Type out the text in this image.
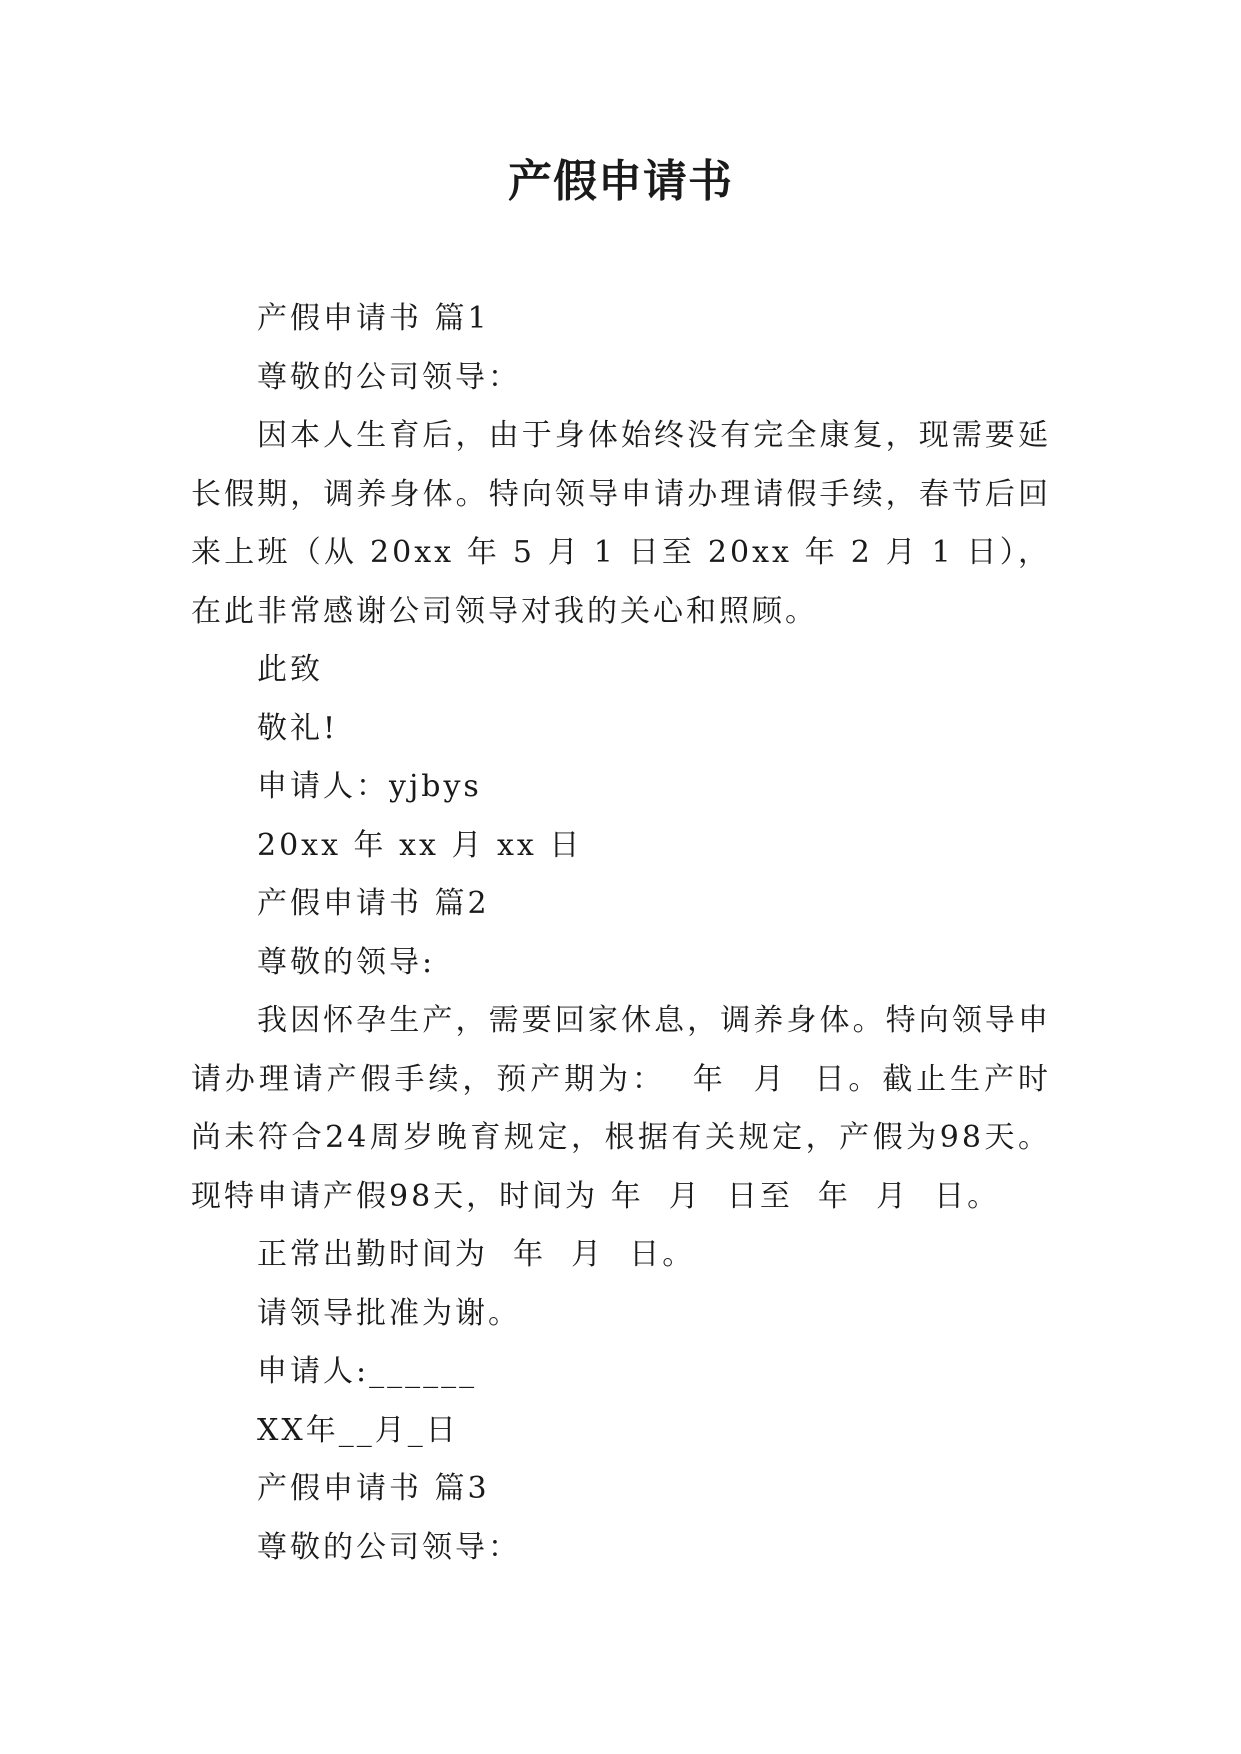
产假申请书

产假申请书 篇1

尊敬的公司领导：

因本人生育后，由于身体始终没有完全康复，现需要延长假期，调养身体。特向领导申请办理请假手续，春节后回来上班（从 20xx 年 5 月 1 日至 20xx 年 2 月 1 日），在此非常感谢公司领导对我的关心和照顾。

此致

敬礼!

申请人：yjbys

20xx 年 xx 月 xx 日

产假申请书 篇2

尊敬的领导:

我因怀孕生产，需要回家休息，调养身体。特向领导申请办理请产假手续，预产期为：  年  月  日。截止生产时尚未符合24周岁晚育规定，根据有关规定，产假为98天。现特申请产假98天，时间为 年  月  日至  年  月  日。

正常出勤时间为  年  月  日。

请领导批准为谢。

申请人:______

XX年__月_日

产假申请书 篇3

尊敬的公司领导：
